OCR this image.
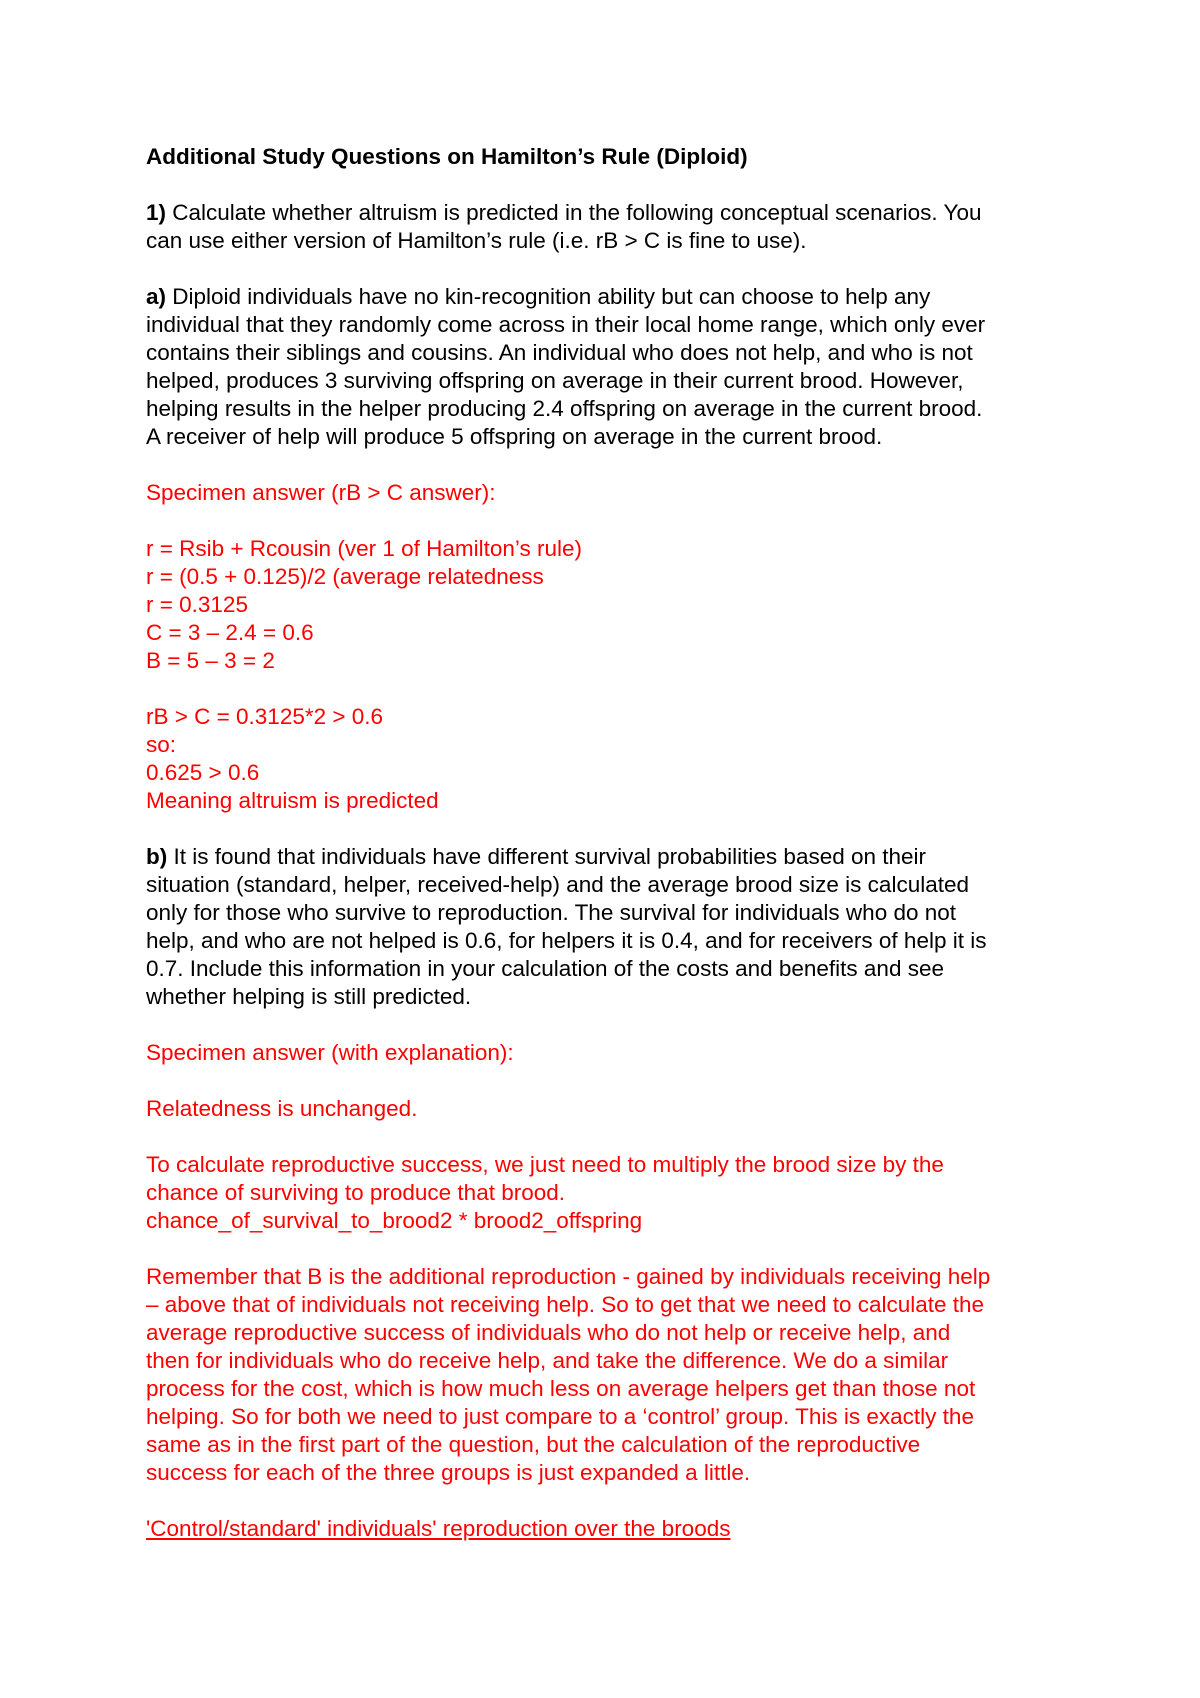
Additional Study Questions on Hamilton’s Rule (Diploid)

1) Calculate whether altruism is predicted in the following conceptual scenarios. You
can use either version of Hamilton’s rule (i.e. rB > C is fine to use).

a) Diploid individuals have no kin-recognition ability but can choose to help any
individual that they randomly come across in their local home range, which only ever
contains their siblings and cousins. An individual who does not help, and who is not
helped, produces 3 surviving offspring on average in their current brood. However,
helping results in the helper producing 2.4 offspring on average in the current brood.
A receiver of help will produce 5 offspring on average in the current brood.

Specimen answer (rB > C answer):

r = Rsib + Rcousin (ver 1 of Hamilton’s rule)
r = (0.5 + 0.125)/2 (average relatedness
r = 0.3125
C = 3 – 2.4 = 0.6
B = 5 – 3 = 2

rB > C = 0.3125*2 > 0.6
so:
0.625 > 0.6
Meaning altruism is predicted

b) It is found that individuals have different survival probabilities based on their
situation (standard, helper, received-help) and the average brood size is calculated
only for those who survive to reproduction. The survival for individuals who do not
help, and who are not helped is 0.6, for helpers it is 0.4, and for receivers of help it is
0.7. Include this information in your calculation of the costs and benefits and see
whether helping is still predicted.

Specimen answer (with explanation):

Relatedness is unchanged.

To calculate reproductive success, we just need to multiply the brood size by the
chance of surviving to produce that brood.
chance_of_survival_to_brood2 * brood2_offspring

Remember that B is the additional reproduction - gained by individuals receiving help
– above that of individuals not receiving help. So to get that we need to calculate the
average reproductive success of individuals who do not help or receive help, and
then for individuals who do receive help, and take the difference. We do a similar
process for the cost, which is how much less on average helpers get than those not
helping. So for both we need to just compare to a ‘control’ group. This is exactly the
same as in the first part of the question, but the calculation of the reproductive
success for each of the three groups is just expanded a little.

'Control/standard' individuals' reproduction over the broods
